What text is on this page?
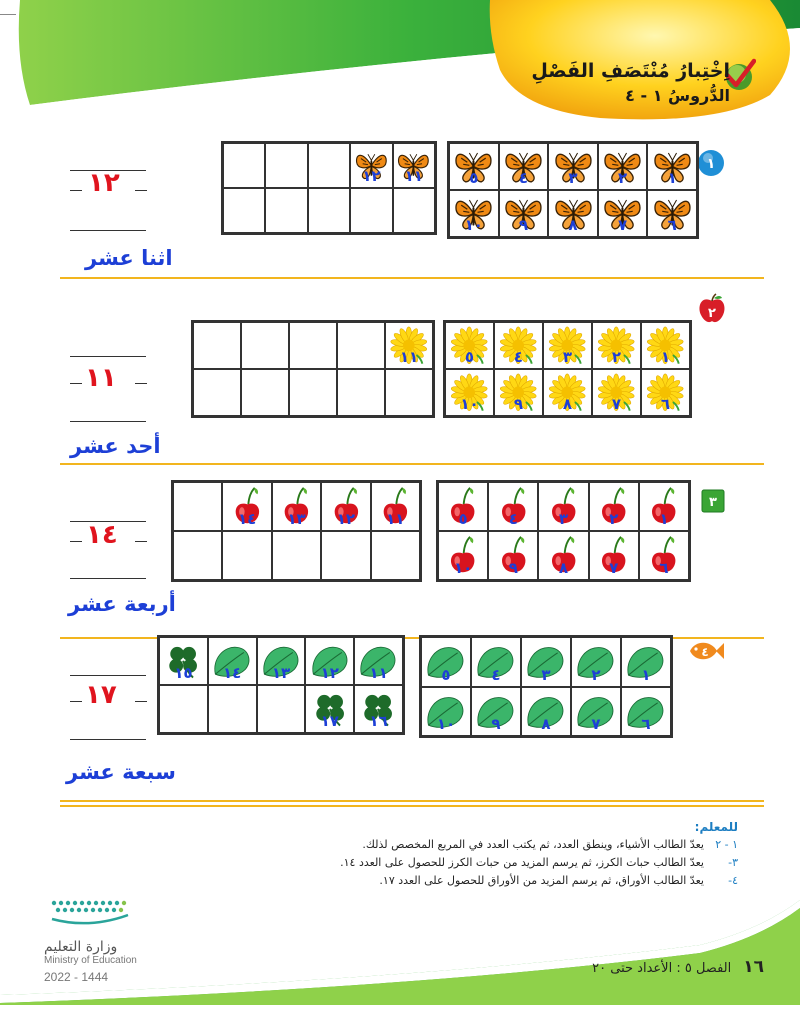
اِخْتِبارُ مُنْتَصَفِ الفَصْلِ
الدُّروسُ ١ - ٤
١
٥	٤	٣	٢	١
١٠	٩	٨	٧	٦
١٢	١١
١٢
اثنا عشر
٢
٥	٤	٣	٢	١
١٠	٩	٨	٧	٦
١١
١١
أحد عشر
٣
٥	٤	٣	٢	١
١٠	٩	٨	٧	٦
١٤	١٣	١٢	١١
١٤
أربعة عشر
٤
٥	٤	٣	٢	١
١٠	٩	٨	٧	٦
١٥	١٤	١٣	١٢	١١
١٧	١٦
١٧
سبعة عشر
للمعلم:
١ - ٢
يعدّ الطالب الأشياء، وينطق العدد، ثم يكتب العدد في المربع المخصص لذلك.
٣-
يعدّ الطالب حبات الكرز، ثم يرسم المزيد من حبات الكرز للحصول على العدد ١٤.
٤-
يعدّ الطالب الأوراق، ثم يرسم المزيد من الأوراق للحصول على العدد ١٧.
وزارة التعليم
Ministry of Education
2022 - 1444	١٦
الفصل ٥ : الأعداد حتى ٢٠
